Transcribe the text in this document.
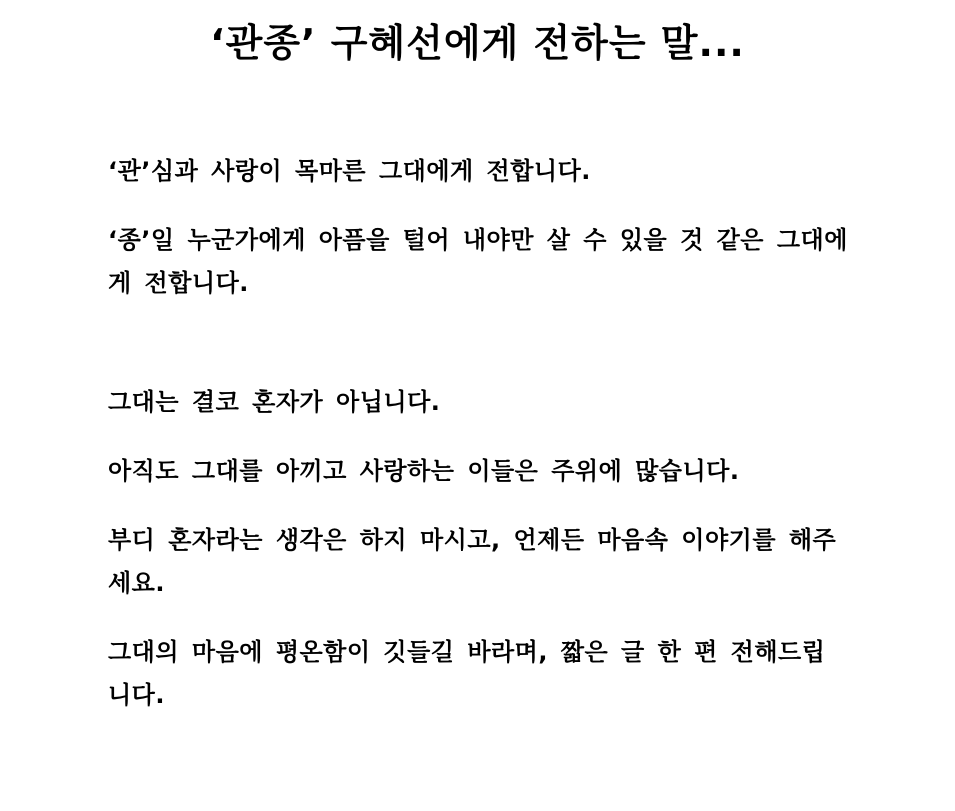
‘관종’ 구혜선에게 전하는 말...

‘관’심과 사랑이 목마른 그대에게 전합니다.

‘종’일 누군가에게 아픔을 털어 내야만 살 수 있을 것 같은 그대에게 전합니다.

그대는 결코 혼자가 아닙니다.

아직도 그대를 아끼고 사랑하는 이들은 주위에 많습니다.

부디 혼자라는 생각은 하지 마시고, 언제든 마음속 이야기를 해주세요.

그대의 마음에 평온함이 깃들길 바라며, 짧은 글 한 편 전해드립니다.
